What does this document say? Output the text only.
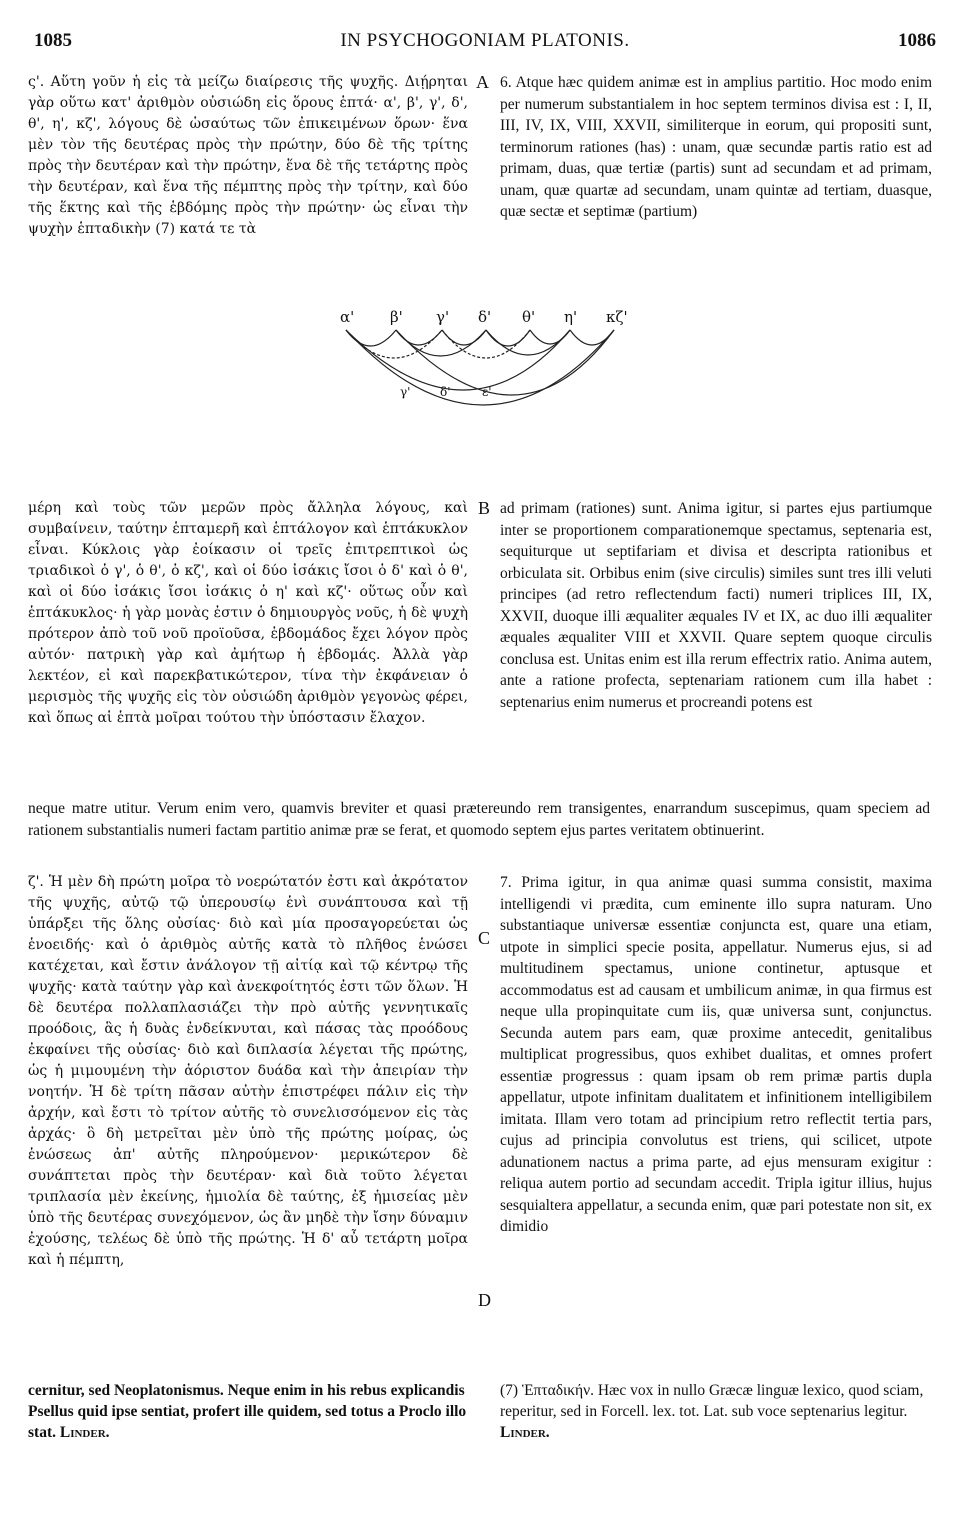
1085	IN PSYCHOGONIAM PLATONIS.	1086

ς'. Αὕτη γοῦν ἡ εἰς τὰ μείζω διαίρεσις τῆς ψυχῆς. Διῄρηται γὰρ οὕτω κατ' ἀριθμὸν οὐσιώδη εἰς ὅρους ἑπτά· α', β', γ', δ', θ', η', κζ', λόγους δὲ ὡσαύτως τῶν ἐπικειμένων ὅρων· ἕνα μὲν τὸν τῆς δευτέρας πρὸς τὴν πρώτην, δύο δὲ τῆς τρίτης πρὸς τὴν δευτέραν καὶ τὴν πρώτην, ἕνα δὲ τῆς τετάρτης πρὸς τὴν δευτέραν, καὶ ἕνα τῆς πέμπτης πρὸς τὴν τρίτην, καὶ δύο τῆς ἕκτης καὶ τῆς ἑβδόμης πρὸς τὴν πρώτην· ὡς εἶναι τὴν ψυχὴν ἑπταδικὴν (7) κατά τε τὰ

A 6. Atque hæc quidem animæ est in amplius partitio. Hoc modo enim per numerum substantialem in hoc septem terminos divisa est : I, II, III, IV, IX, VIII, XXVII, similiterque in eorum, qui propositi sunt, terminorum rationes (has) : unam, quæ secundæ partis ratio est ad primam, duas, quæ tertiæ (partis) sunt ad secundam et ad primam, unam, quæ quartæ ad secundam, unam quintæ ad tertiam, duasque, quæ sectæ et septimæ (partium)

α' β' γ' δ' θ' η' κζ'
γ' δ'	ε'

μέρη καὶ τοὺς τῶν μερῶν πρὸς ἄλληλα λόγους, καὶ συμβαίνειν, ταύτην ἑπταμερῆ καὶ ἑπτάλογον καὶ ἑπτάκυκλον εἶναι. Κύκλοις γὰρ ἐοίκασιν οἱ τρεῖς ἐπιτρεπτικοὶ ὡς τριαδικοὶ ὁ γ', ὁ θ', ὁ κζ', καὶ οἱ δύο ἰσάκις ἴσοι ὁ δ' καὶ ὁ θ', καὶ οἱ δύο ἰσάκις ἴσοι ἰσάκις ὁ η' καὶ κζ'· οὕτως οὖν καὶ ἑπτάκυκλος· ἡ γὰρ μονὰς ἐστιν ὁ δημιουργὸς νοῦς, ἡ δὲ ψυχὴ πρότερον ἀπὸ τοῦ νοῦ προϊοῦσα, ἑβδομάδος ἔχει λόγον πρὸς αὐτόν· πατρικὴ γὰρ καὶ ἀμήτωρ ἡ ἑβδομάς. Ἀλλὰ γὰρ λεκτέον, εἰ καὶ παρεκβατικώτερον, τίνα τὴν ἐκφάνειαν ὁ μερισμὸς τῆς ψυχῆς εἰς τὸν οὐσιώδη ἀριθμὸν γεγονὼς φέρει, καὶ ὅπως αἱ ἑπτὰ μοῖραι τούτου τὴν ὑπόστασιν ἔλαχον.

B ad primam (rationes) sunt. Anima igitur, si partes ejus partiumque inter se proportionem comparationemque spectamus, septenaria est, sequiturque ut septifariam et divisa et descripta rationibus et orbiculata sit. Orbibus enim (sive circulis) similes sunt tres illi veluti principes (ad retro reflectendum facti) numeri triplices III, IX, XXVII, duoque illi æqualiter æquales IV et IX, ac duo illi æqualiter æquales æqualiter VIII et XXVII. Quare septem quoque circulis conclusa est. Unitas enim est illa rerum effectrix ratio. Anima autem, ante a ratione profecta, septenariam rationem cum illa habet : septenarius enim numerus et procreandi potens est

neque matre utitur. Verum enim vero, quamvis breviter et quasi prætereundo rem transigentes, enarrandum suscepimus, quam speciem ad rationem substantialis numeri factam partitio animæ præ se ferat, et quomodo septem ejus partes veritatem obtinuerint.

ζ'. Ἡ μὲν δὴ πρώτη μοῖρα τὸ νοερώτατόν ἐστι καὶ ἀκρότατον τῆς ψυχῆς, αὐτῷ τῷ ὑπερουσίῳ ἑνὶ συνάπτουσα καὶ τῇ ὑπάρξει τῆς ὅλης οὐσίας· διὸ καὶ μία προσαγορεύεται ὡς ἑνοειδής· καὶ ὁ ἀριθμὸς αὐτῆς κατὰ τὸ πλῆθος ἑνώσει κατέχεται, καὶ ἔστιν ἀνάλογον τῇ αἰτίᾳ καὶ τῷ κέντρῳ τῆς ψυχῆς· κατὰ ταύτην γὰρ καὶ ἀνεκφοίτητός ἐστι τῶν ὅλων. Ἡ δὲ δευτέρα πολλαπλασιάζει τὴν πρὸ αὐτῆς γεννητικαῖς προόδοις, ἃς ἡ δυὰς ἐνδείκνυται, καὶ πάσας τὰς προόδους ἐκφαίνει τῆς οὐσίας· διὸ καὶ διπλασία λέγεται τῆς πρώτης, ὡς ἡ μιμουμένη τὴν ἀόριστον δυάδα καὶ τὴν ἀπειρίαν τὴν νοητήν. Ἡ δὲ τρίτη πᾶσαν αὐτὴν ἐπιστρέφει πάλιν εἰς τὴν ἀρχήν, καὶ ἔστι τὸ τρίτον αὐτῆς τὸ συνελισσόμενον εἰς τὰς ἀρχάς· ὃ δὴ μετρεῖται μὲν ὑπὸ τῆς πρώτης μοίρας, ὡς ἑνώσεως ἀπ' αὐτῆς πληρούμενον· μερικώτερον δὲ συνάπτεται πρὸς τὴν δευτέραν· καὶ διὰ τοῦτο λέγεται τριπλασία μὲν ἐκείνης, ἡμιολία δὲ ταύτης, ἐξ ἡμισείας μὲν ὑπὸ τῆς δευτέρας συνεχόμενον, ὡς ἂν μηδὲ τὴν ἴσην δύναμιν ἐχούσης, τελέως δὲ ὑπὸ τῆς πρώτης. Ἡ δ' αὖ τετάρτη μοῖρα καὶ ἡ πέμπτη,

C
D

7. Prima igitur, in qua animæ quasi summa consistit, maxima intelligendi vi prædita, cum eminente illo supra naturam. Uno substantiaque universæ essentiæ conjuncta est, quare una etiam, utpote in simplici specie posita, appellatur. Numerus ejus, si ad multitudinem spectamus, unione continetur, aptusque et accommodatus est ad causam et umbilicum animæ, in qua firmus est neque ulla propinquitate cum iis, quæ universa sunt, conjunctus. Secunda autem pars eam, quæ proxime antecedit, genitalibus multiplicat progressibus, quos exhibet dualitas, et omnes profert essentiæ progressus : quam ipsam ob rem primæ partis dupla appellatur, utpote infinitam dualitatem et infinitionem intelligibilem imitata. Illam vero totam ad principium retro reflectit tertia pars, cujus ad principia convolutus est triens, qui scilicet, utpote adunationem nactus a prima parte, ad ejus mensuram exigitur : reliqua autem portio ad secundam accedit. Tripla igitur illius, hujus sesquialtera appellatur, a secunda enim, quæ pari potestate non sit, ex dimidio

cernitur, sed Neoplatonismus. Neque enim in his rebus explicandis Psellus quid ipse sentiat, profert ille quidem, sed totus a Proclo illo stat. Linder.
(7) Ἑπταδικήν. Hæc vox in nullo Græcæ linguæ lexico, quod sciam, reperitur, sed in Forcell. lex. tot. Lat. sub voce septenarius legitur. Linder.
